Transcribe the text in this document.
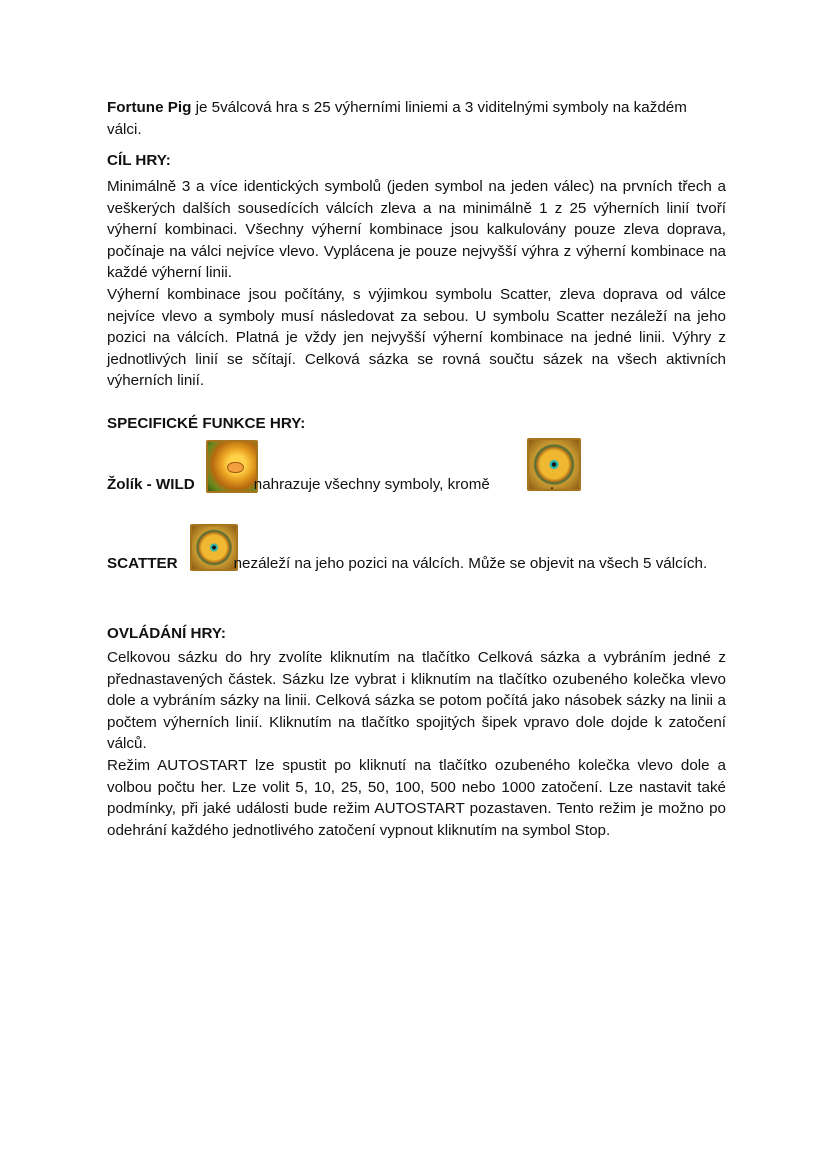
Fortune Pig je 5válcová hra s 25 výherními liniemi a 3 viditelnými symboly na každém válci.
CÍL HRY:

Minimálně 3 a více identických symbolů (jeden symbol na jeden válec) na prvních třech a veškerých dalších sousedících válcích zleva a na minimálně 1 z 25 výherních linií tvoří výherní kombinaci. Všechny výherní kombinace jsou kalkulovány pouze zleva doprava, počínaje na válci nejvíce vlevo. Vyplácena je pouze nejvyšší výhra z výherní kombinace na každé výherní linii.

Výherní kombinace jsou počítány, s výjimkou symbolu Scatter, zleva doprava od válce nejvíce vlevo a symboly musí následovat za sebou. U symbolu Scatter nezáleží na jeho pozici na válcích. Platná je vždy jen nejvyšší výherní kombinace na jedné linii. Výhry z jednotlivých linií se sčítají. Celková sázka se rovná součtu sázek na všech aktivních výherních linií.

SPECIFICKÉ FUNKCE HRY:
Žolík - WILD	nahrazuje všechny symboly, kromě	.
SCATTER	nezáleží na jeho pozici na válcích. Může se objevit na všech 5 válcích.
OVLÁDÁNÍ HRY:

Celkovou sázku do hry zvolíte kliknutím na tlačítko Celková sázka a vybráním jedné z přednastavených částek. Sázku lze vybrat i kliknutím na tlačítko ozubeného kolečka vlevo dole a vybráním sázky na linii. Celková sázka se potom počítá jako násobek sázky na linii a počtem výherních linií. Kliknutím na tlačítko spojitých šipek vpravo dole dojde k zatočení válců.

Režim AUTOSTART lze spustit po kliknutí na tlačítko ozubeného kolečka vlevo dole a volbou počtu her. Lze volit 5, 10, 25, 50, 100, 500 nebo 1000 zatočení. Lze nastavit také podmínky, při jaké události bude režim AUTOSTART pozastaven. Tento režim je možno po odehrání každého jednotlivého zatočení vypnout kliknutím na symbol Stop.
